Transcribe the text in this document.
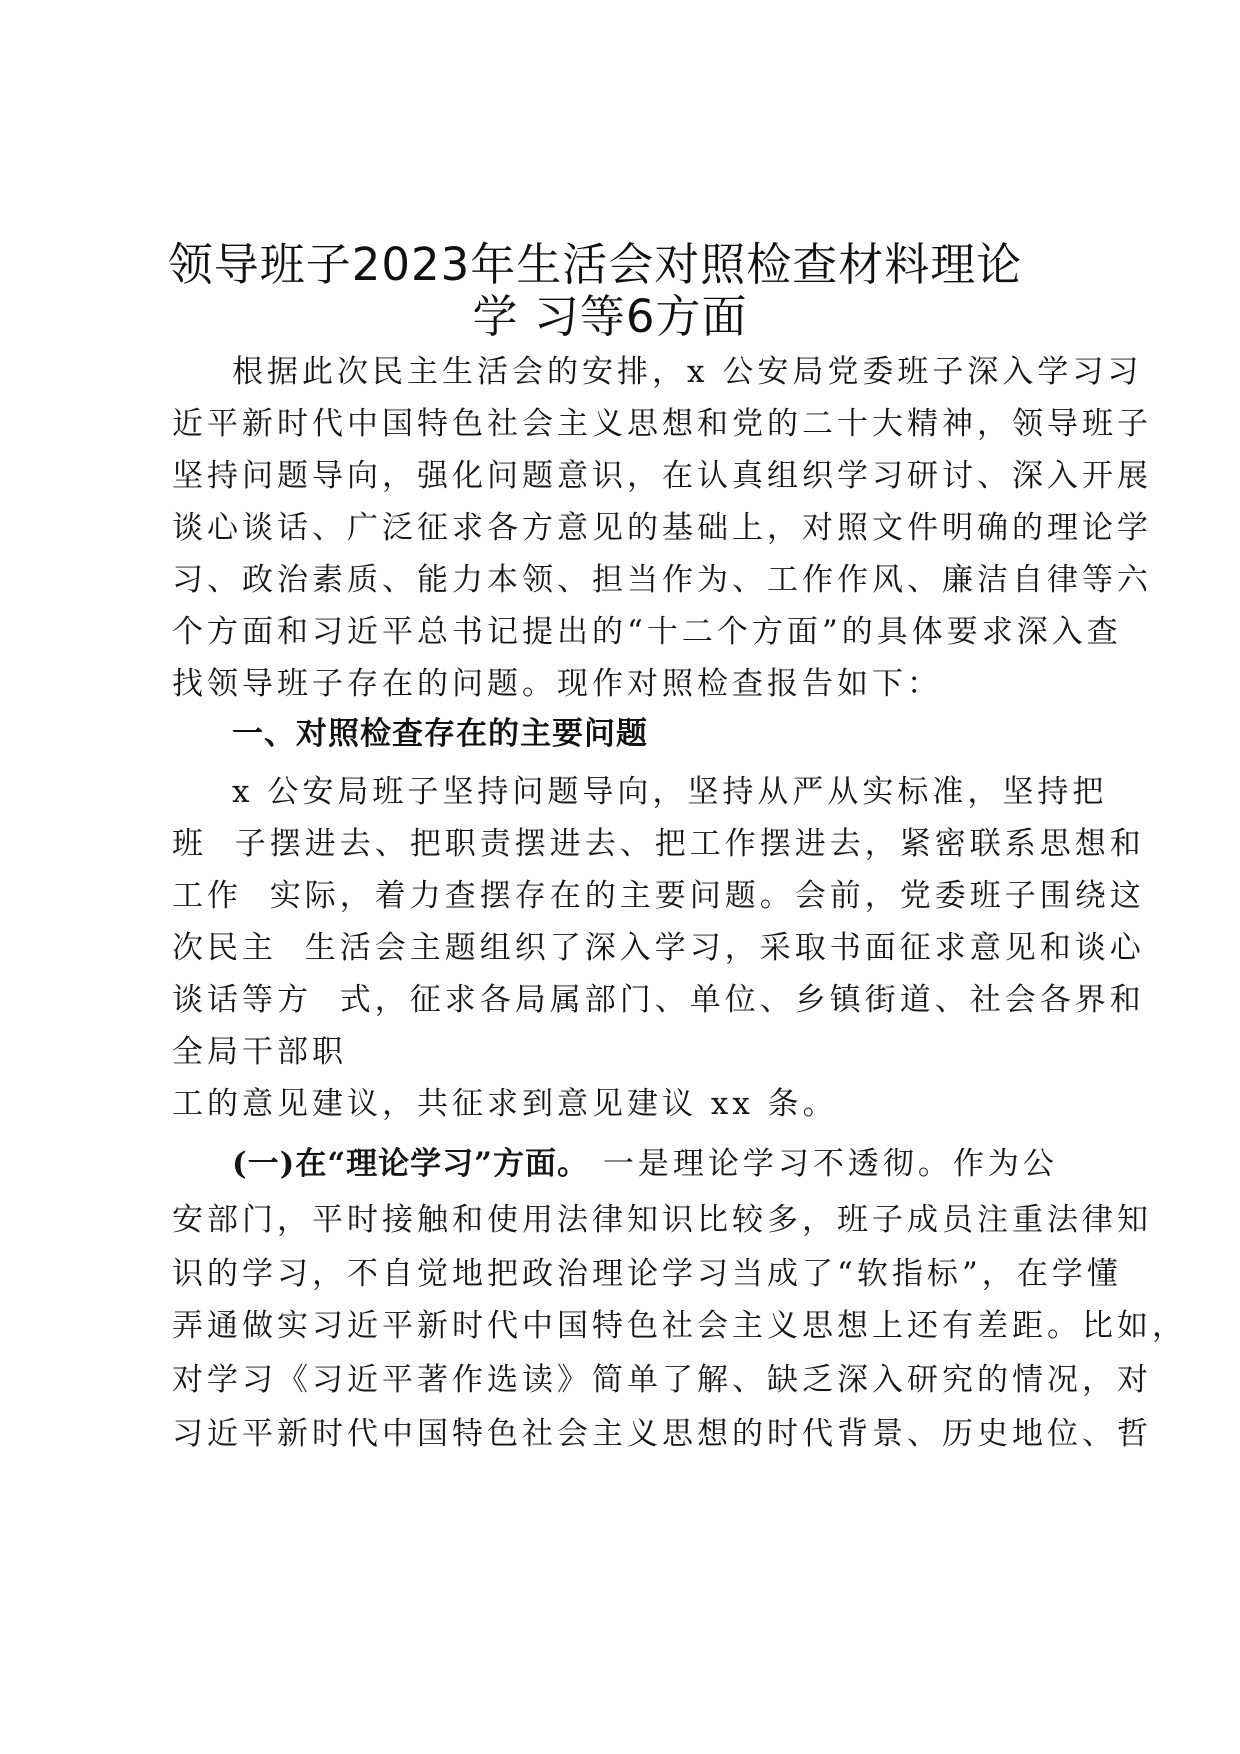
领导班子2023年生活会对照检查材料理论
学 习等6方面
根据此次民主生活会的安排，x 公安局党委班子深入学习习
近平新时代中国特色社会主义思想和党的二十大精神，领导班子
坚持问题导向，强化问题意识，在认真组织学习研讨、深入开展
谈心谈话、广泛征求各方意见的基础上，对照文件明确的理论学
习、政治素质、能力本领、担当作为、工作作风、廉洁自律等六
个方面和习近平总书记提出的“十二个方面”的具体要求深入查
找领导班子存在的问题。现作对照检查报告如下：
一、对照检查存在的主要问题
x 公安局班子坚持问题导向，坚持从严从实标准，坚持把
班  子摆进去、把职责摆进去、把工作摆进去，紧密联系思想和
工作  实际，着力查摆存在的主要问题。会前，党委班子围绕这
次民主  生活会主题组织了深入学习，采取书面征求意见和谈心
谈话等方  式，征求各局属部门、单位、乡镇街道、社会各界和
全局干部职
工的意见建议，共征求到意见建议 xx 条。
(一)在“理论学习”方面。 一是理论学习不透彻。作为公
安部门，平时接触和使用法律知识比较多，班子成员注重法律知
识的学习，不自觉地把政治理论学习当成了“软指标”，在学懂
弄通做实习近平新时代中国特色社会主义思想上还有差距。比如，
对学习《习近平著作选读》简单了解、缺乏深入研究的情况，对
习近平新时代中国特色社会主义思想的时代背景、历史地位、哲
